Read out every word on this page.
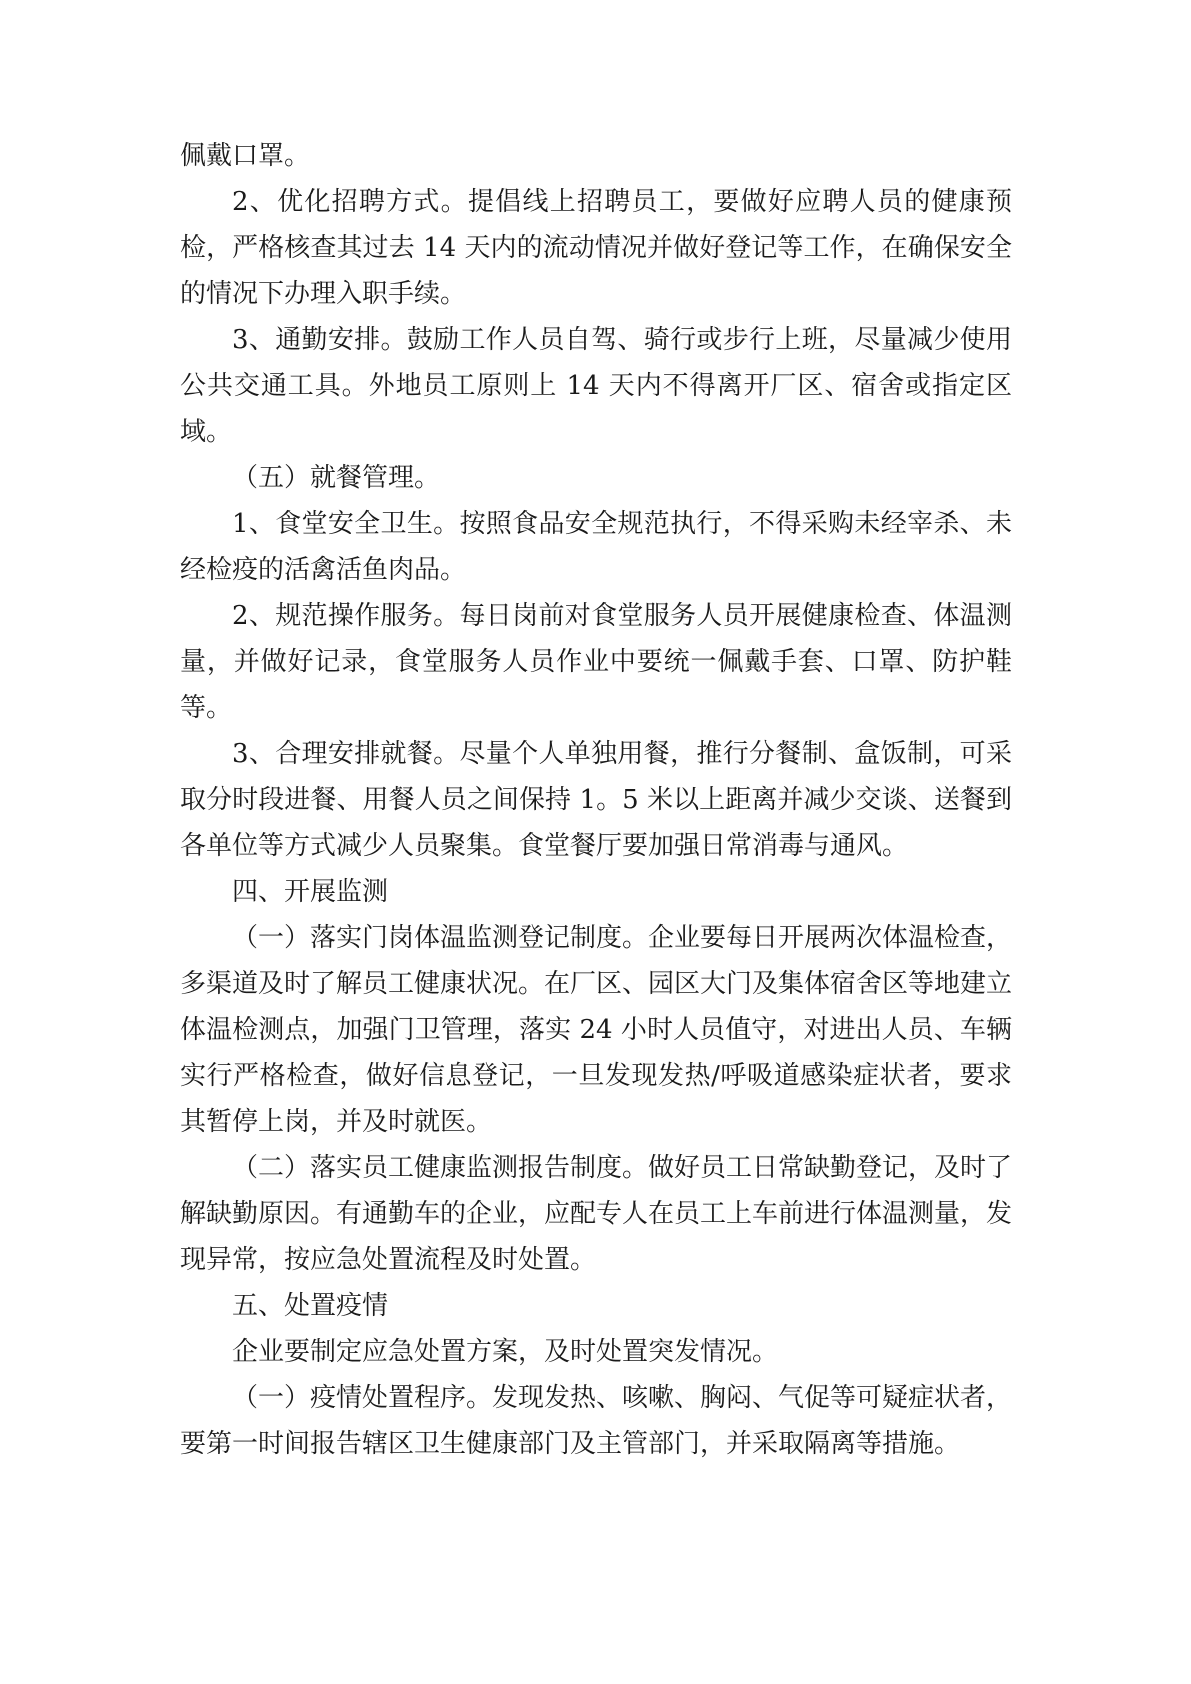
佩戴口罩。

2、优化招聘方式。提倡线上招聘员工，要做好应聘人员的健康预检，严格核查其过去 14 天内的流动情况并做好登记等工作，在确保安全的情况下办理入职手续。

3、通勤安排。鼓励工作人员自驾、骑行或步行上班，尽量减少使用公共交通工具。外地员工原则上 14 天内不得离开厂区、宿舍或指定区域。

（五）就餐管理。

1、食堂安全卫生。按照食品安全规范执行，不得采购未经宰杀、未经检疫的活禽活鱼肉品。

2、规范操作服务。每日岗前对食堂服务人员开展健康检查、体温测量，并做好记录，食堂服务人员作业中要统一佩戴手套、口罩、防护鞋等。

3、合理安排就餐。尽量个人单独用餐，推行分餐制、盒饭制，可采取分时段进餐、用餐人员之间保持 1。5 米以上距离并减少交谈、送餐到各单位等方式减少人员聚集。食堂餐厅要加强日常消毒与通风。

四、开展监测

（一）落实门岗体温监测登记制度。企业要每日开展两次体温检查，多渠道及时了解员工健康状况。在厂区、园区大门及集体宿舍区等地建立体温检测点，加强门卫管理，落实 24 小时人员值守，对进出人员、车辆实行严格检查，做好信息登记，一旦发现发热/呼吸道感染症状者，要求其暂停上岗，并及时就医。

（二）落实员工健康监测报告制度。做好员工日常缺勤登记，及时了解缺勤原因。有通勤车的企业，应配专人在员工上车前进行体温测量，发现异常，按应急处置流程及时处置。

五、处置疫情

企业要制定应急处置方案，及时处置突发情况。

（一）疫情处置程序。发现发热、咳嗽、胸闷、气促等可疑症状者，要第一时间报告辖区卫生健康部门及主管部门，并采取隔离等措施。
